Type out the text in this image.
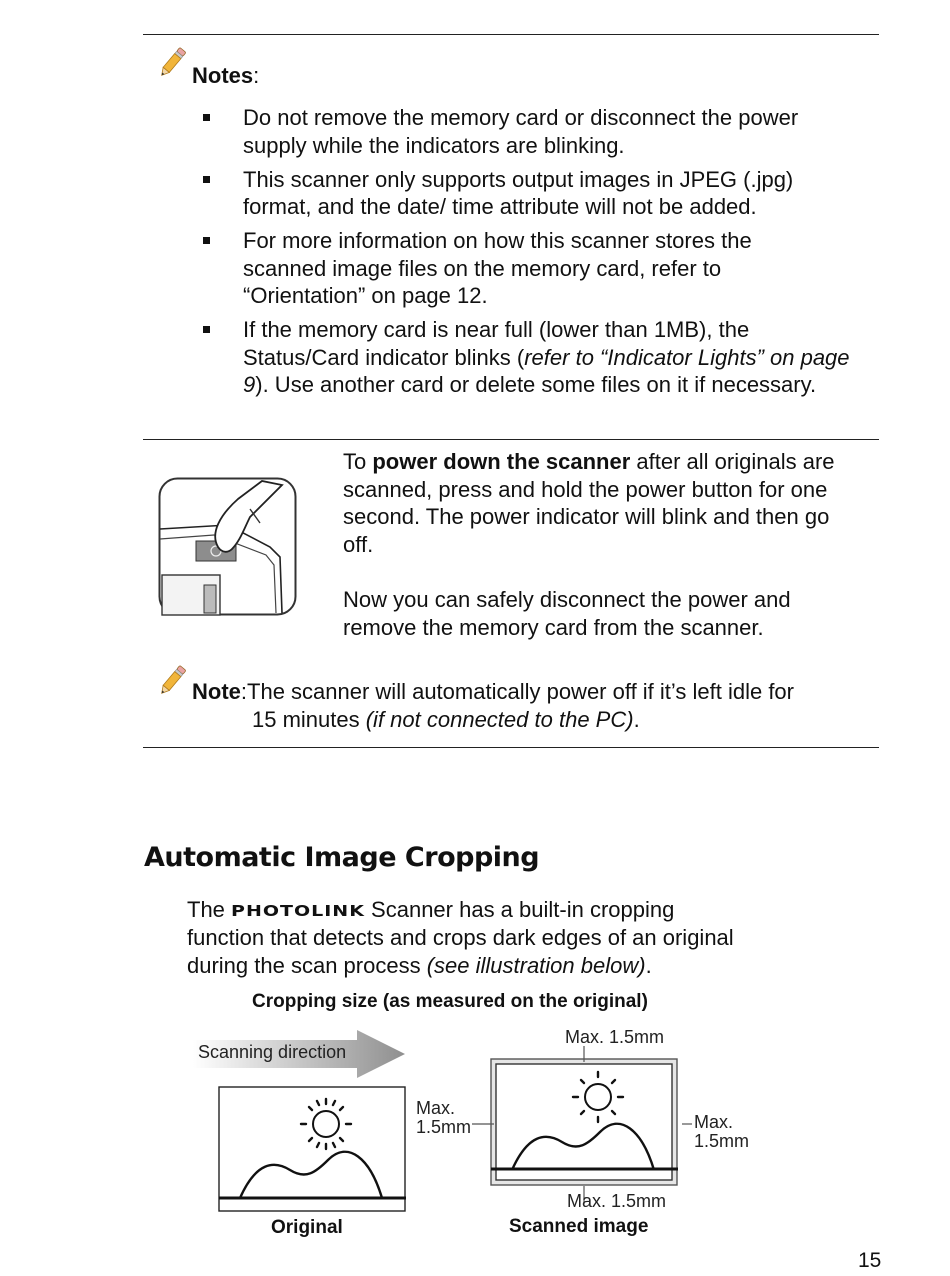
Notes:
Do not remove the memory card or disconnect the power supply while the indicators are blinking.
This scanner only supports output images in JPEG (.jpg) format, and the date/ time attribute will not be added.
For more information on how this scanner stores the scanned image files on the memory card, refer to “Orientation” on page 12.
If the memory card is near full (lower than 1MB), the Status/Card indicator blinks (refer to “Indicator Lights” on page 9). Use another card or delete some files on it if necessary.
To power down the scanner after all originals are scanned, press and hold the power button for one second. The power indicator will blink and then go off.
Now you can safely disconnect the power and remove the memory card from the scanner.
Note:The scanner will automatically power off if it’s left idle for
15 minutes (if not connected to the PC).
Automatic Image Cropping
The PHOTOLINK Scanner has a built-in cropping
function that detects and crops dark edges of an original
during the scan process (see illustration below).
Cropping size (as measured on the original)
Scanning direction
Max.
1.5mm
Max. 1.5mm
Max.
1.5mm
Max. 1.5mm
Original	Scanned image
15
